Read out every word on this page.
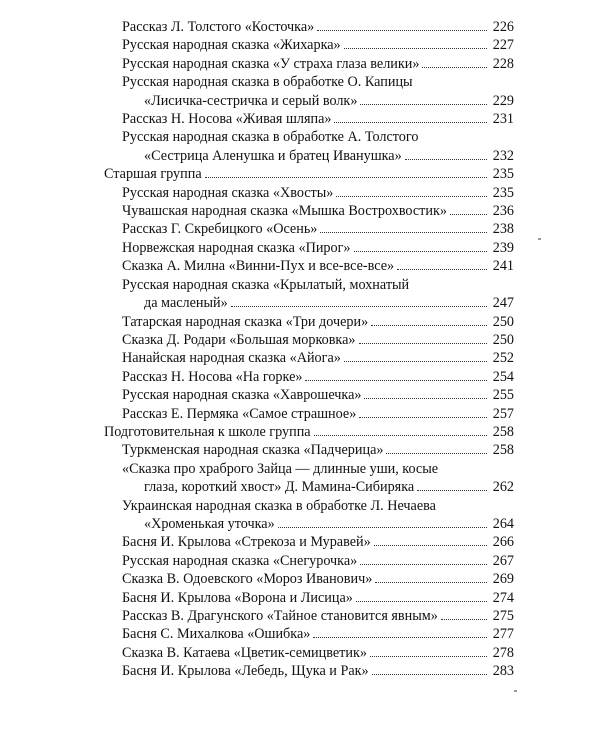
Рассказ Л. Толстого «Косточка»	226
Русская народная сказка «Жихарка»	227
Русская народная сказка «У страха глаза велики»	228
Русская народная сказка в обработке О. Капицы
«Лисичка-сестричка и серый волк»	229
Рассказ Н. Носова «Живая шляпа»	231
Русская народная сказка в обработке А. Толстого
«Сестрица Аленушка и братец Иванушка»	232
Старшая группа	235
Русская народная сказка «Хвосты»	235
Чувашская народная сказка «Мышка Вострохвостик»	236
Рассказ Г. Скребицкого «Осень»	238
Норвежская народная сказка «Пирог»	239
Сказка А. Милна «Винни-Пух и все-все-все»	241
Русская народная сказка «Крылатый, мохнатый
да масленый»	247
Татарская народная сказка «Три дочери»	250
Сказка Д. Родари «Большая морковка»	250
Нанайская народная сказка «Айога»	252
Рассказ Н. Носова «На горке»	254
Русская народная сказка «Хаврошечка»	255
Рассказ Е. Пермяка «Самое страшное»	257
Подготовительная к школе группа	258
Туркменская народная сказка «Падчерица»	258
«Сказка про храброго Зайца — длинные уши, косые
глаза, короткий хвост» Д. Мамина-Сибиряка	262
Украинская народная сказка в обработке Л. Нечаева
«Хроменькая уточка»	264
Басня И. Крылова «Стрекоза и Муравей»	266
Русская народная сказка «Снегурочка»	267
Сказка В. Одоевского «Мороз Иванович»	269
Басня И. Крылова «Ворона и Лисица»	274
Рассказ В. Драгунского «Тайное становится явным»	275
Басня С. Михалкова «Ошибка»	277
Сказка В. Катаева «Цветик-семицветик»	278
Басня И. Крылова «Лебедь, Щука и Рак»	283
